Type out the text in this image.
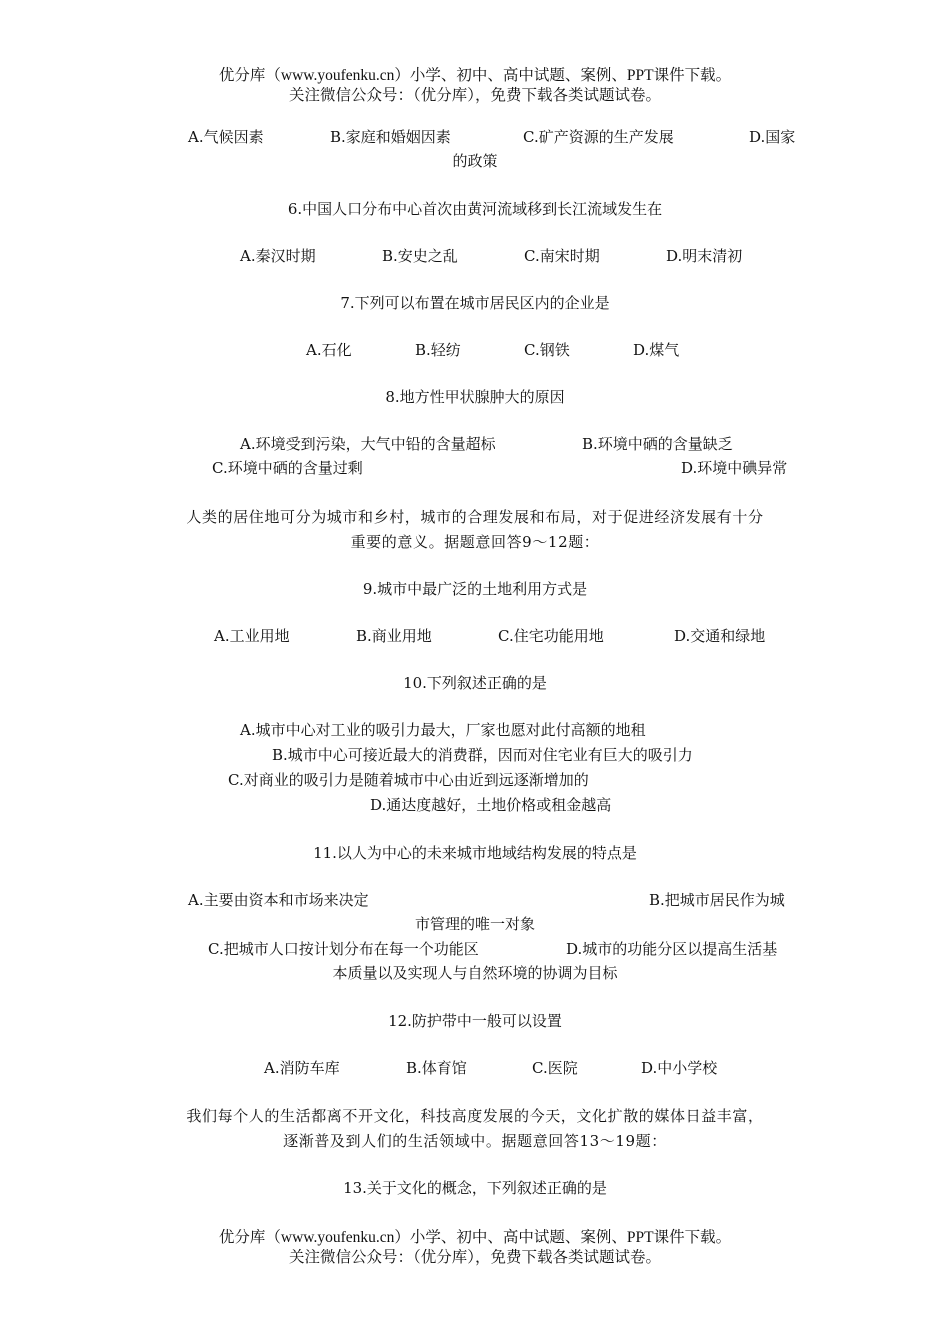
优分库（www.youfenku.cn）小学、初中、高中试题、案例、PPT课件下载。
关注微信公众号：（优分库），免费下载各类试题试卷。
A.气候因素	B.家庭和婚姻因素	C.矿产资源的生产发展	D.国家
的政策
6.中国人口分布中心首次由黄河流域移到长江流域发生在
A.秦汉时期	B.安史之乱	C.南宋时期	D.明末清初
7.下列可以布置在城市居民区内的企业是
A.石化	B.轻纺	C.钢铁	D.煤气
8.地方性甲状腺肿大的原因
A.环境受到污染，大气中铅的含量超标	B.环境中硒的含量缺乏
C.环境中硒的含量过剩	D.环境中碘异常
人类的居住地可分为城市和乡村，城市的合理发展和布局，对于促进经济发展有十分
重要的意义。据题意回答9～12题：
9.城市中最广泛的土地利用方式是
A.工业用地	B.商业用地	C.住宅功能用地	D.交通和绿地
10.下列叙述正确的是
A.城市中心对工业的吸引力最大，厂家也愿对此付高额的地租
B.城市中心可接近最大的消费群，因而对住宅业有巨大的吸引力
C.对商业的吸引力是随着城市中心由近到远逐渐增加的
D.通达度越好，土地价格或租金越高
11.以人为中心的未来城市地域结构发展的特点是
A.主要由资本和市场来决定	B.把城市居民作为城
市管理的唯一对象
C.把城市人口按计划分布在每一个功能区	D.城市的功能分区以提高生活基
本质量以及实现人与自然环境的协调为目标
12.防护带中一般可以设置
A.消防车库	B.体育馆	C.医院	D.中小学校
我们每个人的生活都离不开文化，科技高度发展的今天，文化扩散的媒体日益丰富，
逐渐普及到人们的生活领域中。据题意回答13～19题：
13.关于文化的概念，下列叙述正确的是
优分库（www.youfenku.cn）小学、初中、高中试题、案例、PPT课件下载。
关注微信公众号：（优分库），免费下载各类试题试卷。
